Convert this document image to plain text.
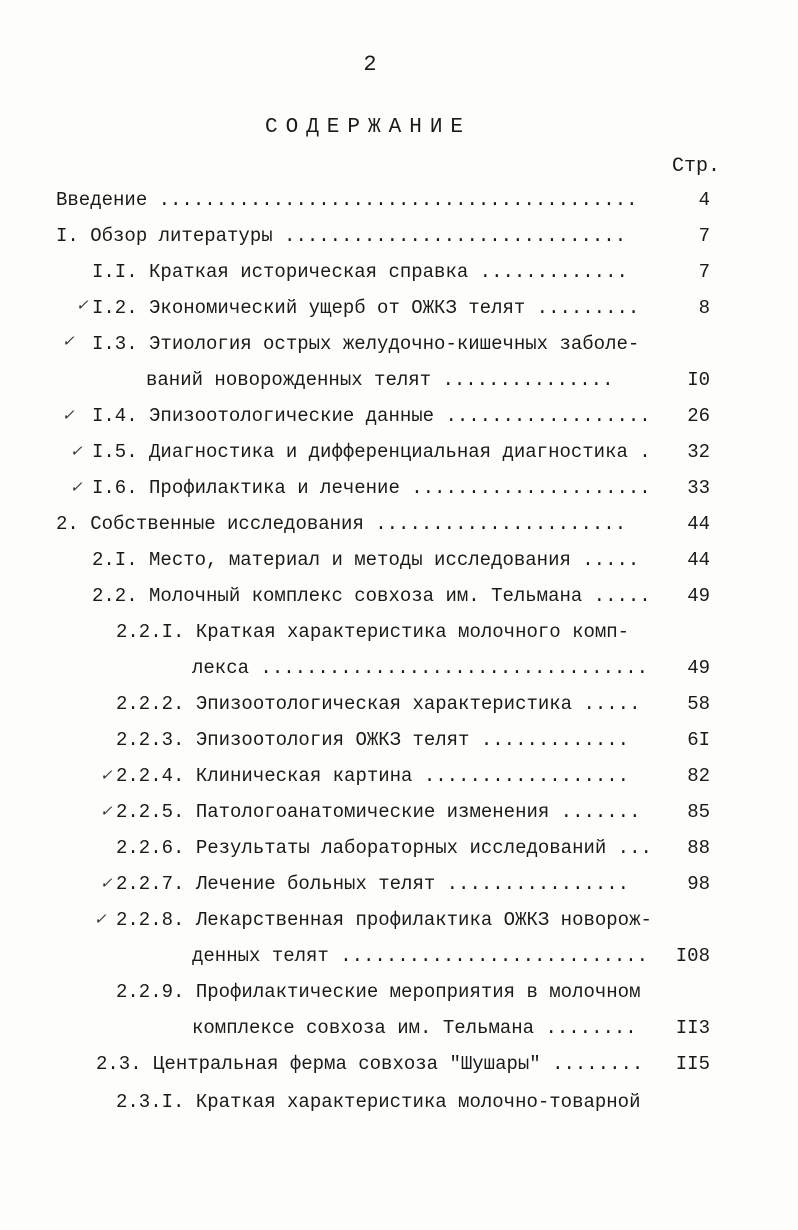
2
СОДЕРЖАНИЕ
Стр.
✓
✓
✓
✓
✓
✓
✓
✓
✓
Введение ..........................................	4
I. Обзор литературы ..............................	7
I.I. Краткая историческая справка .............	7
I.2. Экономический ущерб от ОЖКЗ телят .........	8
I.3. Этиология острых желудочно-кишечных заболе-
ваний новорожденных телят ...............	I0
I.4. Эпизоотологические данные .................. 26
I.5. Диагностика и дифференциальная диагностика . 32
I.6. Профилактика и лечение ..................... 33
2. Собственные исследования ......................	44
2.I. Место, материал и методы исследования .....	44
2.2. Молочный комплекс совхоза им. Тельмана ..... 49
2.2.I. Краткая характеристика молочного комп-
лекса .................................. 49
2.2.2. Эпизоотологическая характеристика ..... 58
2.2.3. Эпизоотология ОЖКЗ телят .............	6I
2.2.4. Клиническая картина ..................	82
2.2.5. Патологоанатомические изменения ....... 85
2.2.6. Результаты лабораторных исследований ... 88
2.2.7. Лечение больных телят ................	98
2.2.8. Лекарственная профилактика ОЖКЗ новорож-
денных телят ........................... I08
2.2.9. Профилактические мероприятия в молочном
комплексе совхоза им. Тельмана ........ II3
2.3. Центральная ферма совхоза "Шушары" ........ II5
2.3.I. Краткая характеристика молочно-товарной
